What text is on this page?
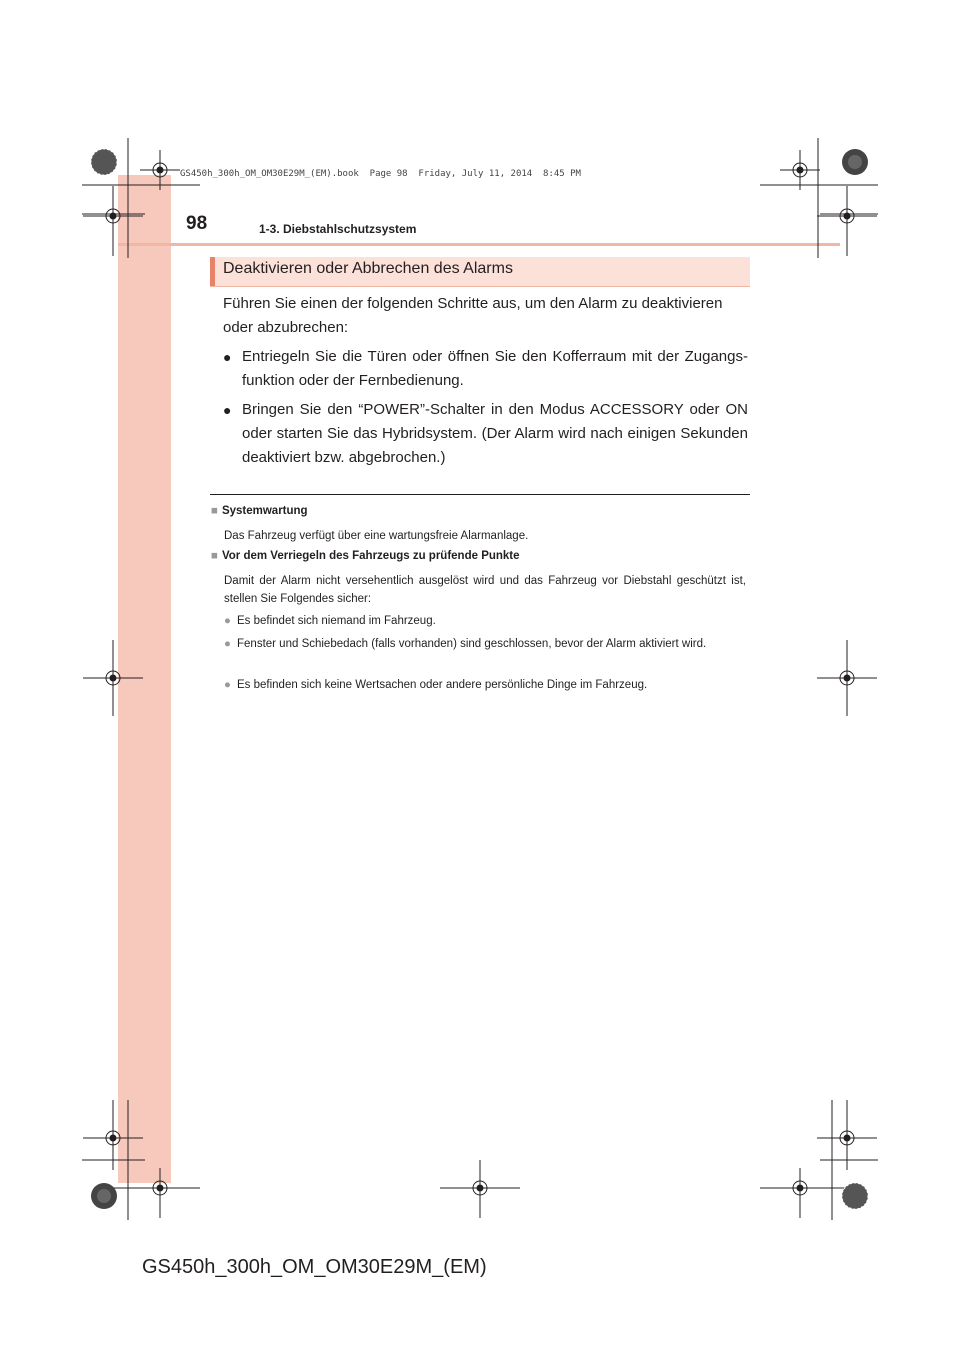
GS450h_300h_OM_OM30E29M_(EM).book  Page 98  Friday, July 11, 2014  8:45 PM
98	1-3. Diebstahlschutzsystem
Deaktivieren oder Abbrechen des Alarms
Führen Sie einen der folgenden Schritte aus, um den Alarm zu deaktivieren oder abzubrechen:
● Entriegeln Sie die Türen oder öffnen Sie den Kofferraum mit der Zugangs-funktion oder der Fernbedienung.
● Bringen Sie den “POWER”-Schalter in den Modus ACCESSORY oder ON oder starten Sie das Hybridsystem. (Der Alarm wird nach einigen Sekunden deaktiviert bzw. abgebrochen.)
■ Systemwartung
Das Fahrzeug verfügt über eine wartungsfreie Alarmanlage.
■ Vor dem Verriegeln des Fahrzeugs zu prüfende Punkte
Damit der Alarm nicht versehentlich ausgelöst wird und das Fahrzeug vor Diebstahl geschützt ist, stellen Sie Folgendes sicher:
● Es befindet sich niemand im Fahrzeug.
● Fenster und Schiebedach (falls vorhanden) sind geschlossen, bevor der Alarm aktiviert wird.
● Es befinden sich keine Wertsachen oder andere persönliche Dinge im Fahrzeug.
GS450h_300h_OM_OM30E29M_(EM)
